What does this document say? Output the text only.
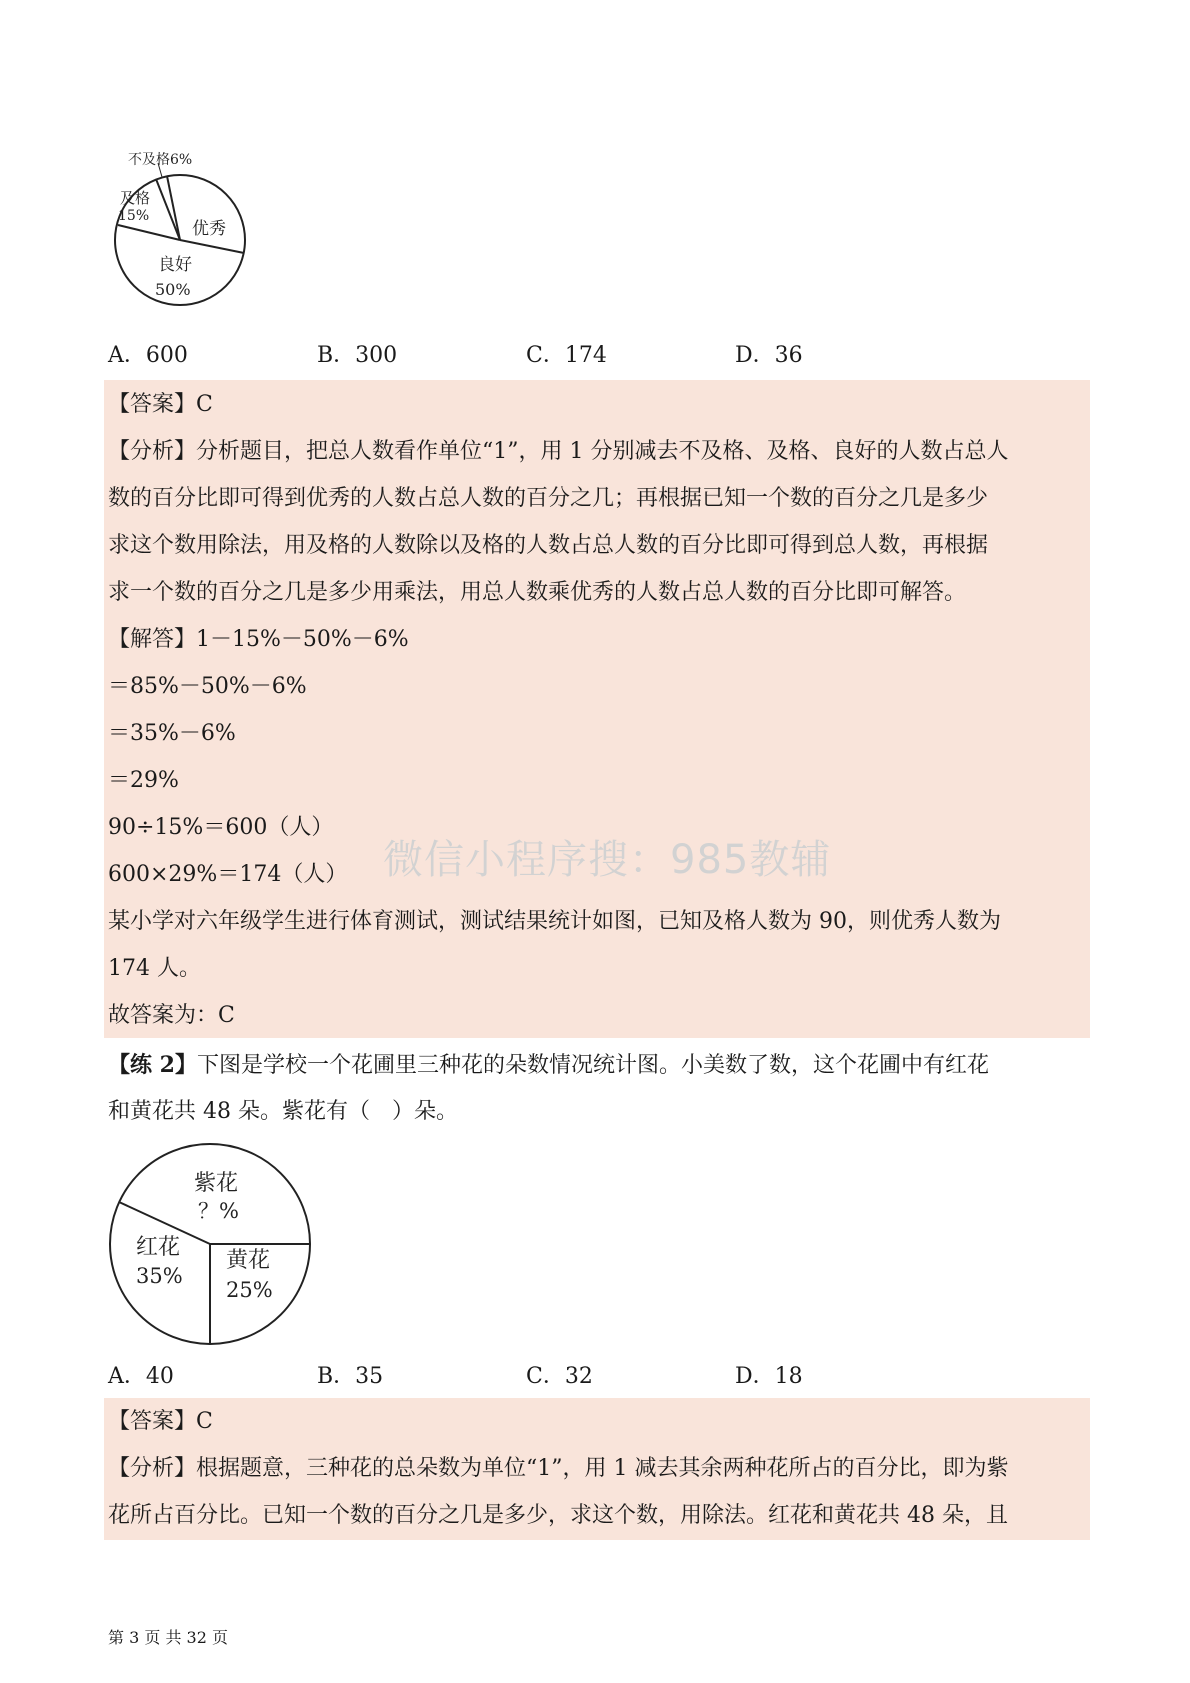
不及格6%
及格
15%
优秀
良好
50%
A．600	B．300	C．174	D．36
【答案】C
【分析】分析题目，把总人数看作单位“1”，用 1 分别减去不及格、及格、良好的人数占总人
数的百分比即可得到优秀的人数占总人数的百分之几；再根据已知一个数的百分之几是多少
求这个数用除法，用及格的人数除以及格的人数占总人数的百分比即可得到总人数，再根据
求一个数的百分之几是多少用乘法，用总人数乘优秀的人数占总人数的百分比即可解答。
【解答】1－15%－50%－6%
＝85%－50%－6%
＝35%－6%
＝29%
90÷15%＝600（人）
600×29%＝174（人）
某小学对六年级学生进行体育测试，测试结果统计如图，已知及格人数为 90，则优秀人数为
174 人。
故答案为：C
微信小程序搜：985教辅
【练 2】下图是学校一个花圃里三种花的朵数情况统计图。小美数了数，这个花圃中有红花
和黄花共 48 朵。紫花有（　）朵。
紫花
？%
红花
35%
黄花
25%
A．40	B．35	C．32	D．18
【答案】C
【分析】根据题意，三种花的总朵数为单位“1”，用 1 减去其余两种花所占的百分比，即为紫
花所占百分比。已知一个数的百分之几是多少，求这个数，用除法。红花和黄花共 48 朵，且
第 3 页 共 32 页
